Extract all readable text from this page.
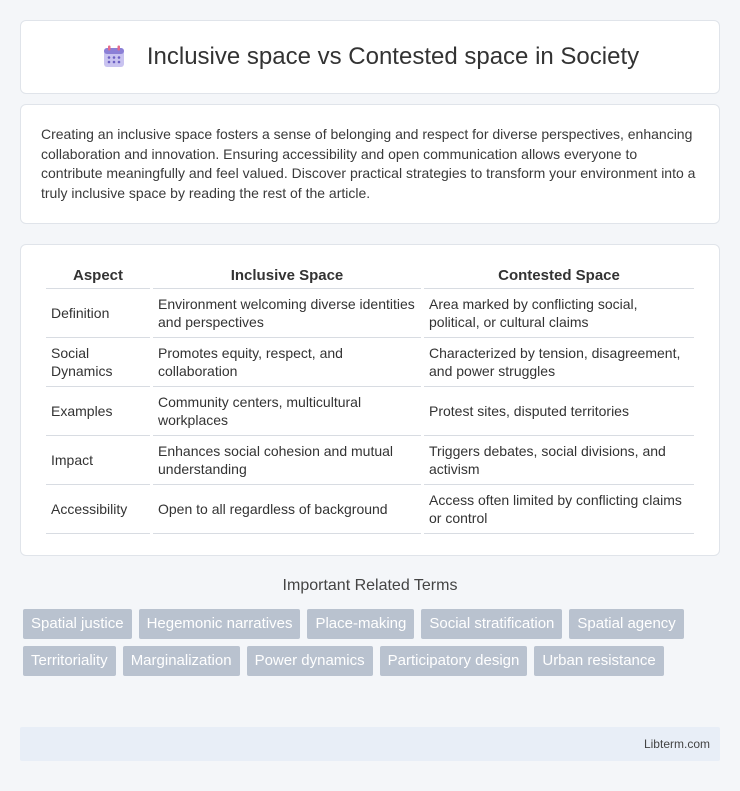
Inclusive space vs Contested space in Society

Creating an inclusive space fosters a sense of belonging and respect for diverse perspectives, enhancing collaboration and innovation. Ensuring accessibility and open communication allows everyone to contribute meaningfully and feel valued. Discover practical strategies to transform your environment into a truly inclusive space by reading the rest of the article.

Aspect	Inclusive Space	Contested Space
Definition	Environment welcoming diverse identities and perspectives	Area marked by conflicting social, political, or cultural claims
Social Dynamics	Promotes equity, respect, and collaboration	Characterized by tension, disagreement, and power struggles
Examples	Community centers, multicultural workplaces	Protest sites, disputed territories
Impact	Enhances social cohesion and mutual understanding	Triggers debates, social divisions, and activism
Accessibility	Open to all regardless of background	Access often limited by conflicting claims or control
Important Related Terms
Spatial justice	Hegemonic narratives	Place-making	Social stratification	Spatial agency
Territoriality	Marginalization	Power dynamics	Participatory design	Urban resistance
Libterm.com
